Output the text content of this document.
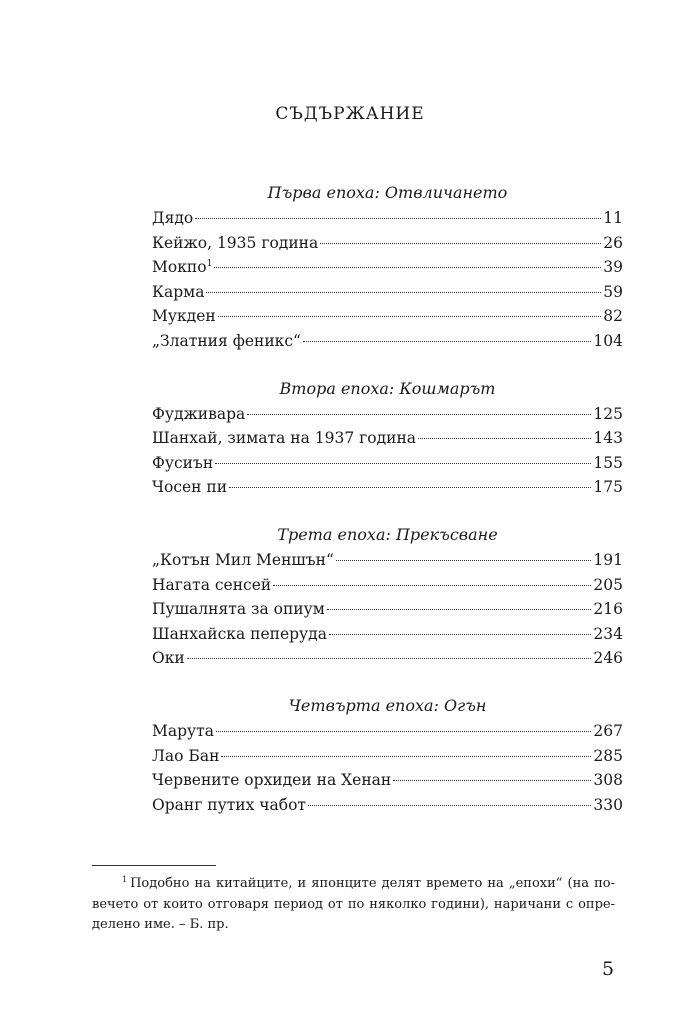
СЪДЪРЖАНИЕ
Първа епоха: Отвличането
Дядо	11
Кейжо, 1935 година	26
Мокпо$^1$	39
Карма	59
Мукден	82
„Златния феникс“	104
Втора епоха: Кошмарът
Фудживара	125
Шанхай, зимата на 1937 година	143
Фусиън	155
Чосен пи	175
Трета епоха: Прекъсване
„Котън Мил Меншън“	191
Нагата сенсей	205
Пушалнята за опиум	216
Шанхайска пеперуда	234
Оки	246
Четвърта епоха: Огън
Марута	267
Лао Бан	285
Червените орхидеи на Хенан	308
Оранг путих чабот	330
$^1$ Подобно на китайците, и японците делят времето на „епохи“ (на по-
вечето от които отговаря период от по няколко години), наричани с опре-
делено име. – Б. пр.
5
